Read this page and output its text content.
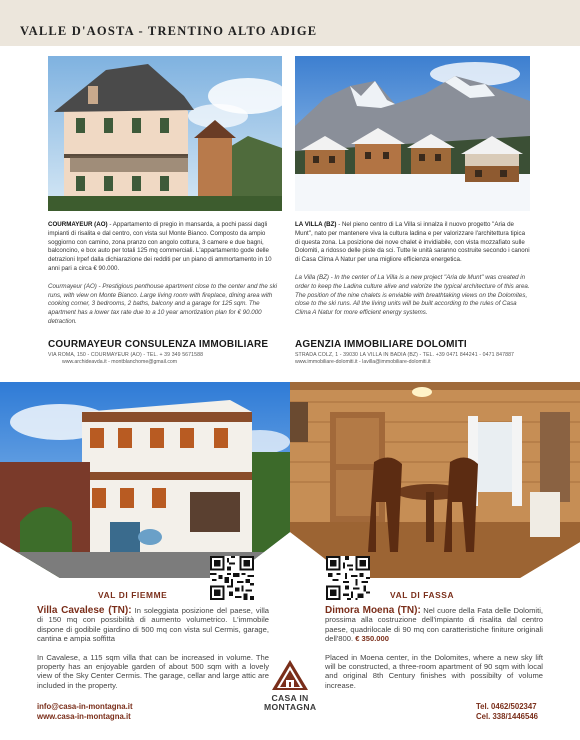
VALLE D'AOSTA - TRENTINO ALTO ADIGE
COURMAYEUR (AO) - Appartamento di pregio in mansarda, a pochi passi dagli impianti di risalita e dal centro, con vista sul Monte Bianco. Composto da ampio soggiorno con camino, zona pranzo con angolo cottura, 3 camere e due bagni, balconcino, e box auto per totali 125 mq commerciali. L'appartamento gode delle detrazioni Irpef dalla dichiarazione dei redditi per un piano di ammortamento in 10 anni pari a circa € 90.000.
Courmayeur (AO) - Prestigious penthouse apartment close to the center and the ski runs, with view on Monte Bianco. Large living room with fireplace, dining area with cooking corner, 3 bedrooms, 2 baths, balcony and a garage for 125 sqm. The apartment has a lower tax rate due to a 10 year amortization plan for € 90.000 detraction.
COURMAYEUR CONSULENZA IMMOBILIARE
VIA ROMA, 150 - COURMAYEUR (AO) - TEL. + 39 349 5671588
www.archideavda.it - montblanchome@gmail.com
LA VILLA (BZ) - Nel pieno centro di La Villa si innalza il nuovo progetto "Aria de Munt", nato per mantenere viva la cultura ladina e per valorizzare l'architettura tipica di questa zona. La posizione dei nove chalet è invidiabile, con vista mozzafiato sulle Dolomiti, a ridosso delle piste da sci. Tutte le unità saranno costruite secondo i canoni di Casa Clima A Natur per una migliore efficienza energetica.
La Villa (BZ) - In the center of La Villa is a new project "Aria de Munt" was created in order to keep the Ladina culture alive and valorize the typical architecture of this area. The position of the nine chalets is enviable with breathtaking views on the Dolomites, close to the ski runs. All the living units will be built according to the rules of Casa Clima A Natur for more efficient energy systems.
AGENZIA IMMOBILIARE DOLOMITI
STRADA COLZ, 1 - 39030 LA VILLA IN BADIA (BZ) - TEL. +39 0471 844241 - 0471 847887
www.immobiliare-dolomiti.it - lavilla@immobiliare-dolomiti.it
VAL DI FIEMME
Villa Cavalese (TN): In soleggiata posizione del paese, villa di 150 mq con possibilità di aumento volumetrico. L'immobile dispone di godibile giardino di 500 mq con vista sul Cermis, garage, cantina e ampia soffitta
In Cavalese, a 115 sqm villa that can be increased in volume. The property has an enjoyable garden of about 500 sqm with a lovely view of the Sky Center Cermis. The garage, cellar and large attic are included in the property.
info@casa-in-montagna.it
www.casa-in-montagna.it
CASA IN
MONTAGNA
VAL DI FASSA
Dimora Moena (TN): Nel cuore della Fata delle Dolomiti, prossima alla costruzione dell'impianto di risalita dal centro paese, quadrilocale di 90 mq con caratteristiche finiture originali dell'800. € 350.000
Placed in Moena center, in the Dolomites, where a new sky lift will be constructed, a three-room apartment of 90 sqm with local and original 8th Century finishes with possibilty of volume increase.
Tel. 0462/502347
Cel. 338/1446546
